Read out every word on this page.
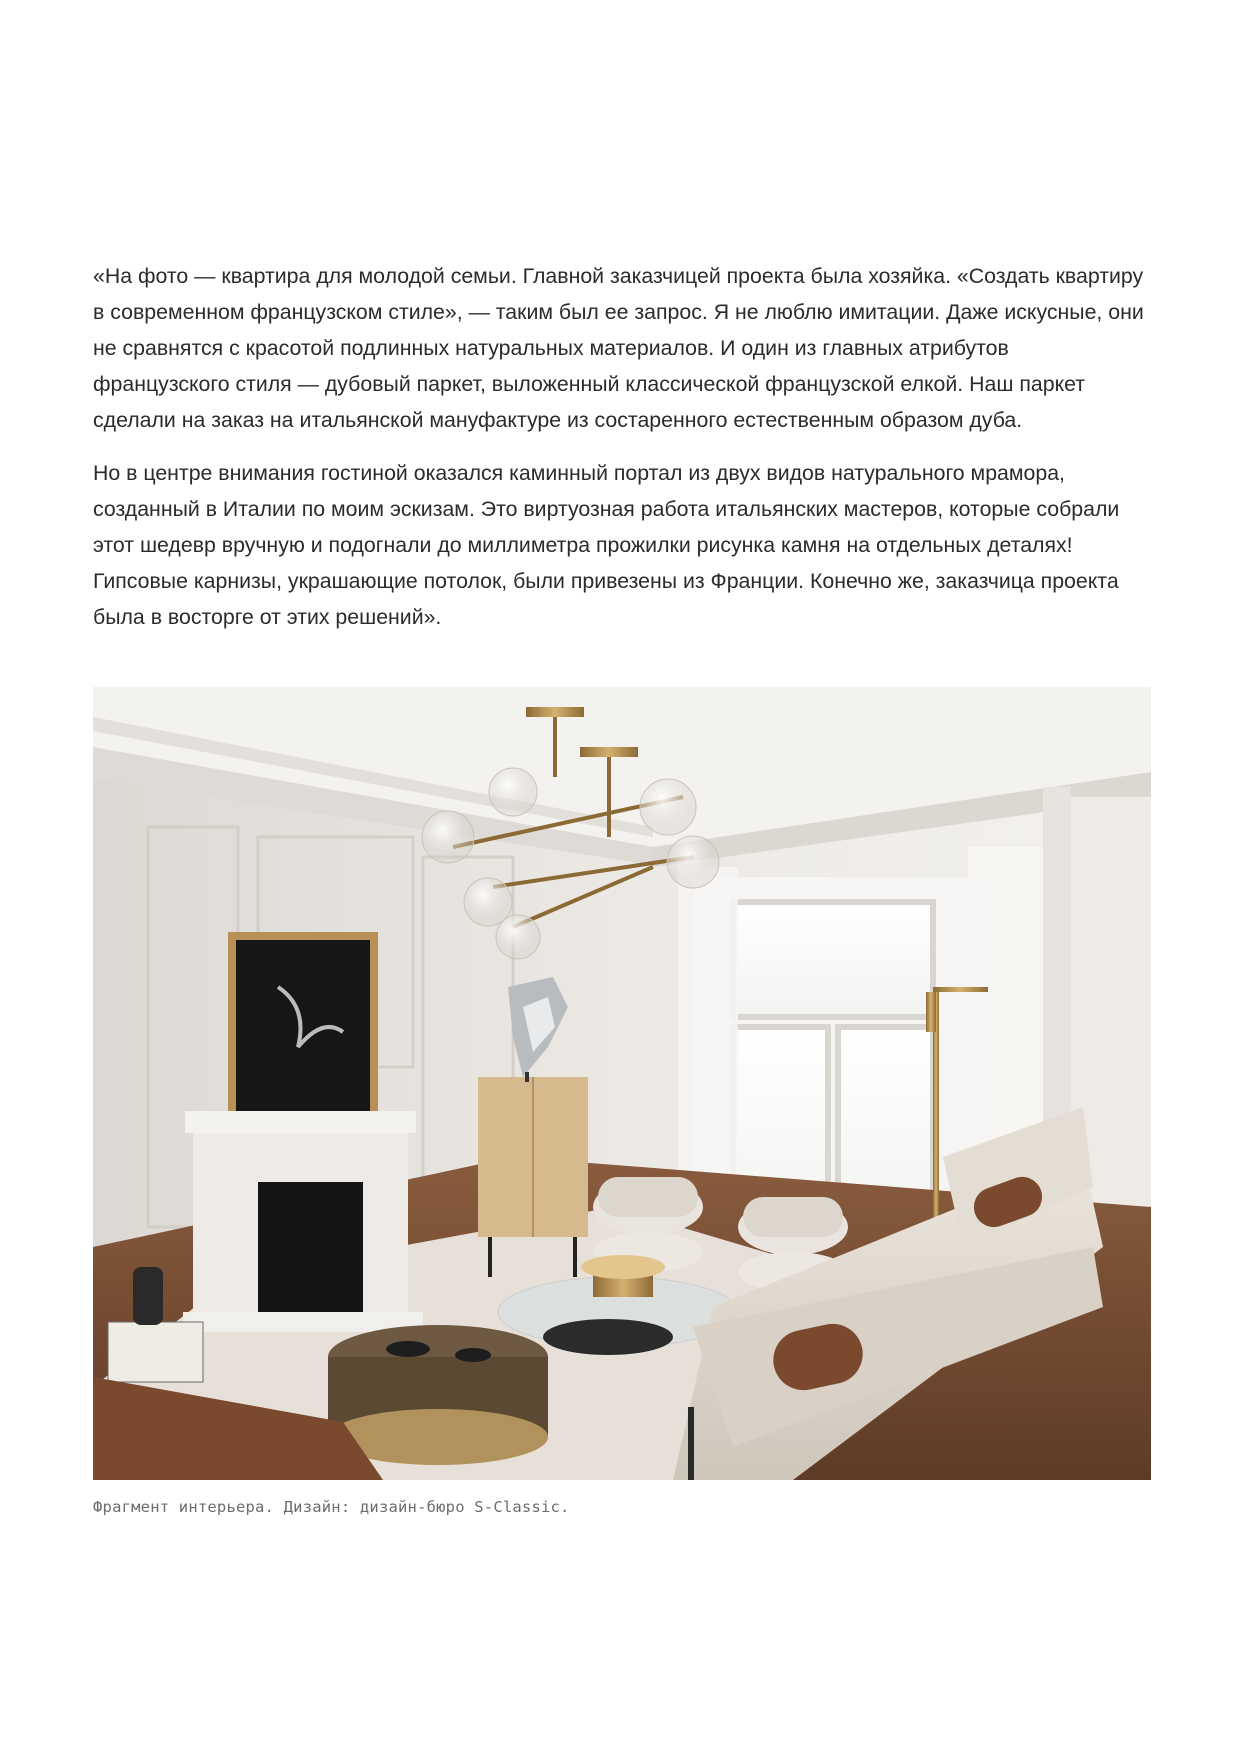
«На фото — квартира для молодой семьи. Главной заказчицей проекта была хозяйка. «Создать квартиру в современном французском стиле», — таким был ее запрос. Я не люблю имитации. Даже искусные, они не сравнятся с красотой подлинных натуральных материалов. И один из главных атрибутов французского стиля — дубовый паркет, выложенный классической французской елкой. Наш паркет сделали на заказ на итальянской мануфактуре из состаренного естественным образом дуба.

Но в центре внимания гостиной оказался каминный портал из двух видов натурального мрамора, созданный в Италии по моим эскизам. Это виртуозная работа итальянских мастеров, которые собрали этот шедевр вручную и подогнали до миллиметра прожилки рисунка камня на отдельных деталях! Гипсовые карнизы, украшающие потолок, были привезены из Франции. Конечно же, заказчица проекта была в восторге от этих решений».

Фрагмент интерьера. Дизайн: дизайн-бюро S-Classic.
